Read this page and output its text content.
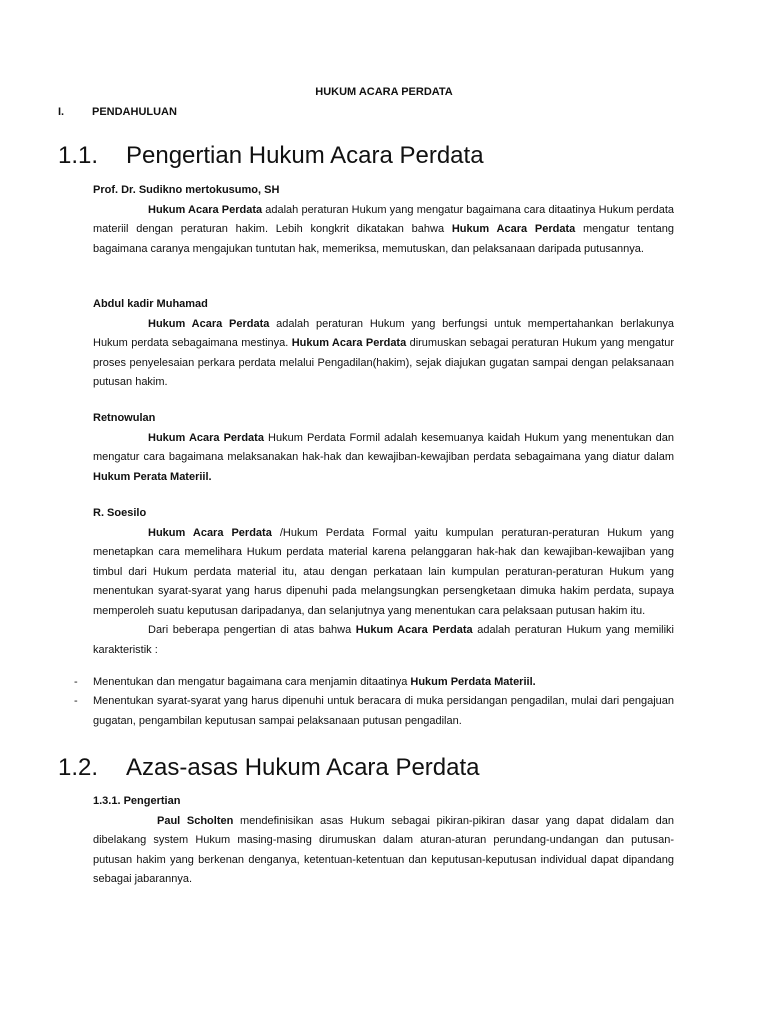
HUKUM ACARA PERDATA
I.	PENDAHULUAN
1.1. Pengertian Hukum Acara Perdata
Prof. Dr. Sudikno mertokusumo, SH
Hukum Acara Perdata adalah peraturan Hukum yang mengatur bagaimana cara ditaatinya Hukum perdata materiil dengan peraturan hakim. Lebih kongkrit dikatakan bahwa Hukum Acara Perdata mengatur tentang bagaimana caranya mengajukan tuntutan hak, memeriksa, memutuskan, dan pelaksanaan daripada putusannya.
Abdul kadir Muhamad
Hukum Acara Perdata adalah peraturan Hukum yang berfungsi untuk mempertahankan berlakunya Hukum perdata sebagaimana mestinya. Hukum Acara Perdata dirumuskan sebagai peraturan Hukum yang mengatur proses penyelesaian perkara perdata melalui Pengadilan(hakim), sejak diajukan gugatan sampai dengan pelaksanaan putusan hakim.
Retnowulan
Hukum Acara Perdata Hukum Perdata Formil adalah kesemuanya kaidah Hukum yang menentukan dan mengatur cara bagaimana melaksanakan hak-hak dan kewajiban-kewajiban perdata sebagaimana yang diatur dalam Hukum Perata Materiil.
R. Soesilo
Hukum Acara Perdata /Hukum Perdata Formal yaitu kumpulan peraturan-peraturan Hukum yang menetapkan cara memelihara Hukum perdata material karena pelanggaran hak-hak dan kewajiban-kewajiban yang timbul dari Hukum perdata material itu, atau dengan perkataan lain kumpulan peraturan-peraturan Hukum yang menentukan syarat-syarat yang harus dipenuhi pada melangsungkan persengketaan dimuka hakim perdata, supaya memperoleh suatu keputusan daripadanya, dan selanjutnya yang menentukan cara pelaksaan putusan hakim itu.
Dari beberapa pengertian di atas bahwa Hukum Acara Perdata adalah peraturan Hukum yang memiliki karakteristik :
- Menentukan dan mengatur bagaimana cara menjamin ditaatinya Hukum Perdata Materiil.
- Menentukan syarat-syarat yang harus dipenuhi untuk beracara di muka persidangan pengadilan, mulai dari pengajuan gugatan, pengambilan keputusan sampai pelaksanaan putusan pengadilan.
1.2. Azas-asas Hukum Acara Perdata
1.3.1. Pengertian
Paul Scholten mendefinisikan asas Hukum sebagai pikiran-pikiran dasar yang dapat didalam dan dibelakang system Hukum masing-masing dirumuskan dalam aturan-aturan perundang-undangan dan putusan-putusan hakim yang berkenan denganya, ketentuan-ketentuan dan keputusan-keputusan individual dapat dipandang sebagai jabarannya.
